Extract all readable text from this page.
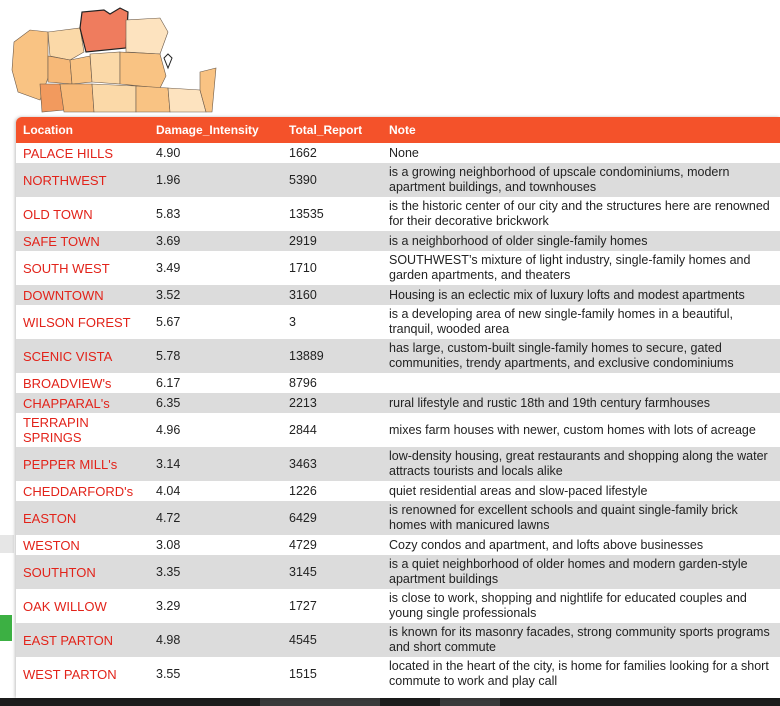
Location	Damage_Intensity	Total_Report	Note
PALACE HILLS	4.90	1662	None
NORTHWEST	1.96	5390	is a growing neighborhood of upscale condominiums, modern apartment buildings, and townhouses
OLD TOWN	5.83	13535	is the historic center of our city and the structures here are renowned for their decorative brickwork
SAFE TOWN	3.69	2919	is a neighborhood of older single-family homes
SOUTH WEST	3.49	1710	SOUTHWEST’s mixture of light industry, single-family homes and garden apartments, and theaters
DOWNTOWN	3.52	3160	Housing is an eclectic mix of luxury lofts and modest apartments
WILSON FOREST	5.67	3	is a developing area of new single-family homes in a beautiful, tranquil, wooded area
SCENIC VISTA	5.78	13889	has large, custom-built single-family homes to secure, gated communities, trendy apartments, and exclusive condominiums
BROADVIEW's	6.17	8796	
CHAPPARAL's	6.35	2213	rural lifestyle and rustic 18th and 19th century farmhouses
TERRAPIN SPRINGS	4.96	2844	mixes farm houses with newer, custom homes with lots of acreage
PEPPER MILL's	3.14	3463	low-density housing, great restaurants and shopping along the water attracts tourists and locals alike
CHEDDARFORD's	4.04	1226	quiet residential areas and slow-paced lifestyle
EASTON	4.72	6429	is renowned for excellent schools and quaint single-family brick homes with manicured lawns
WESTON	3.08	4729	Cozy condos and apartment, and lofts above businesses
SOUTHTON	3.35	3145	is a quiet neighborhood of older homes and modern garden-style apartment buildings
OAK WILLOW	3.29	1727	is close to work, shopping and nightlife for educated couples and young single professionals
EAST PARTON	4.98	4545	is known for its masonry facades, strong community sports programs and short commute
WEST PARTON	3.55	1515	located in the heart of the city, is home for families looking for a short commute to work and play call
